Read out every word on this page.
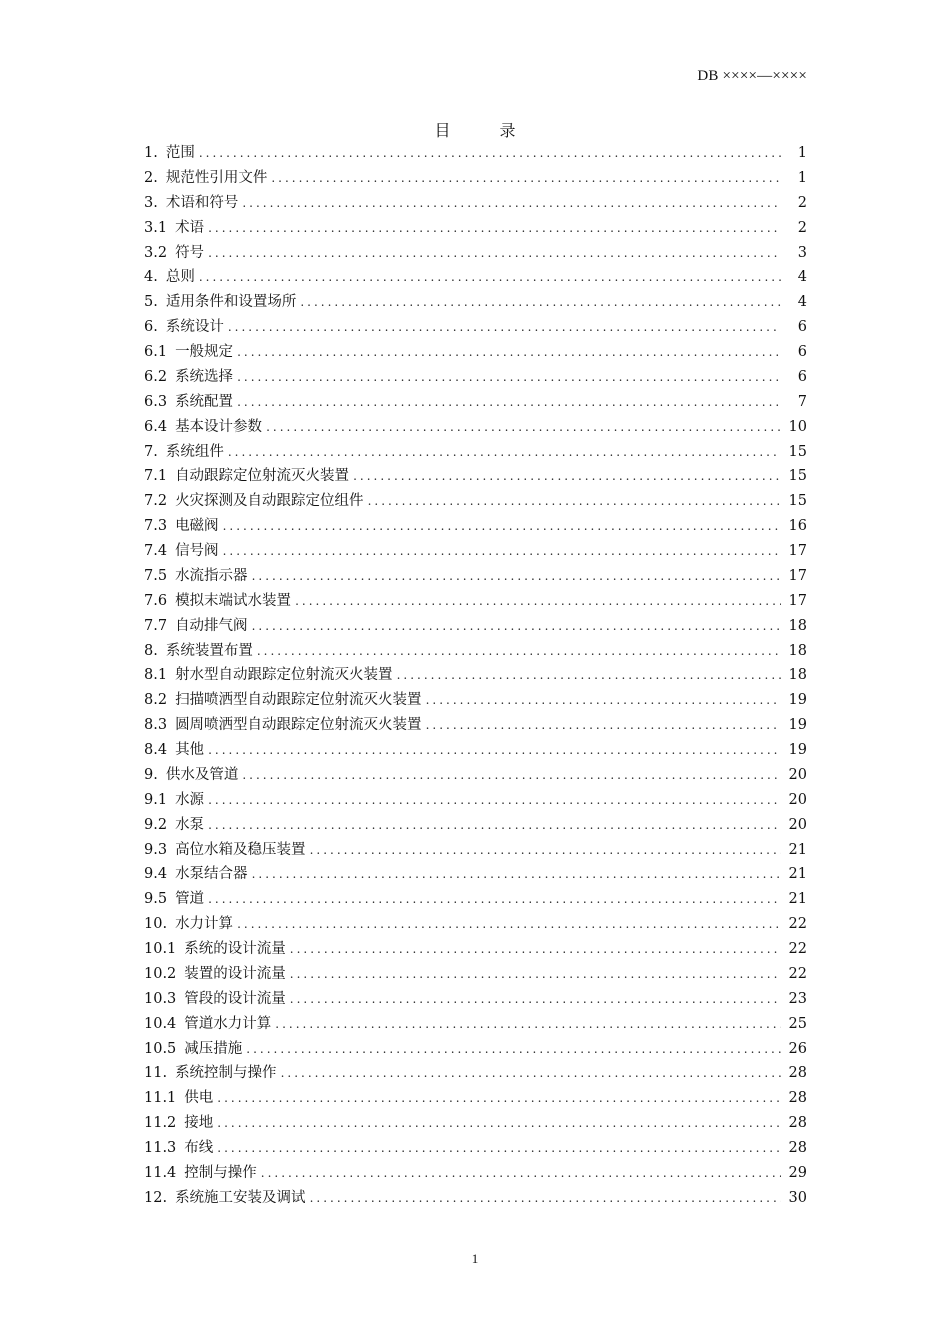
DB ××××—××××
目 录
1. 范围 .....	1
2. 规范性引用文件 .....	1
3. 术语和符号 .....	2
3.1 术语 .....	2
3.2 符号 .....	3
4. 总则 .....	4
5. 适用条件和设置场所 .....	4
6. 系统设计 .....	6
6.1 一般规定 .....	6
6.2 系统选择 .....	6
6.3 系统配置 .....	7
6.4 基本设计参数 .....	10
7. 系统组件 .....	15
7.1 自动跟踪定位射流灭火装置 .....	15
7.2 火灾探测及自动跟踪定位组件 .....	15
7.3 电磁阀 .....	16
7.4 信号阀 .....	17
7.5 水流指示器 .....	17
7.6 模拟末端试水装置 .....	17
7.7 自动排气阀 .....	18
8. 系统装置布置 .....	18
8.1 射水型自动跟踪定位射流灭火装置 .....	18
8.2 扫描喷洒型自动跟踪定位射流灭火装置 .....	19
8.3 圆周喷洒型自动跟踪定位射流灭火装置 .....	19
8.4 其他 .....	19
9. 供水及管道 .....	20
9.1 水源 .....	20
9.2 水泵 .....	20
9.3 高位水箱及稳压装置 .....	21
9.4 水泵结合器 .....	21
9.5 管道 .....	21
10. 水力计算 .....	22
10.1 系统的设计流量 .....	22
10.2 装置的设计流量 .....	22
10.3 管段的设计流量 .....	23
10.4 管道水力计算 .....	25
10.5 减压措施 .....	26
11. 系统控制与操作 .....	28
11.1 供电 .....	28
11.2 接地 .....	28
11.3 布线 .....	28
11.4 控制与操作 .....	29
12. 系统施工安装及调试 .....	30
1
